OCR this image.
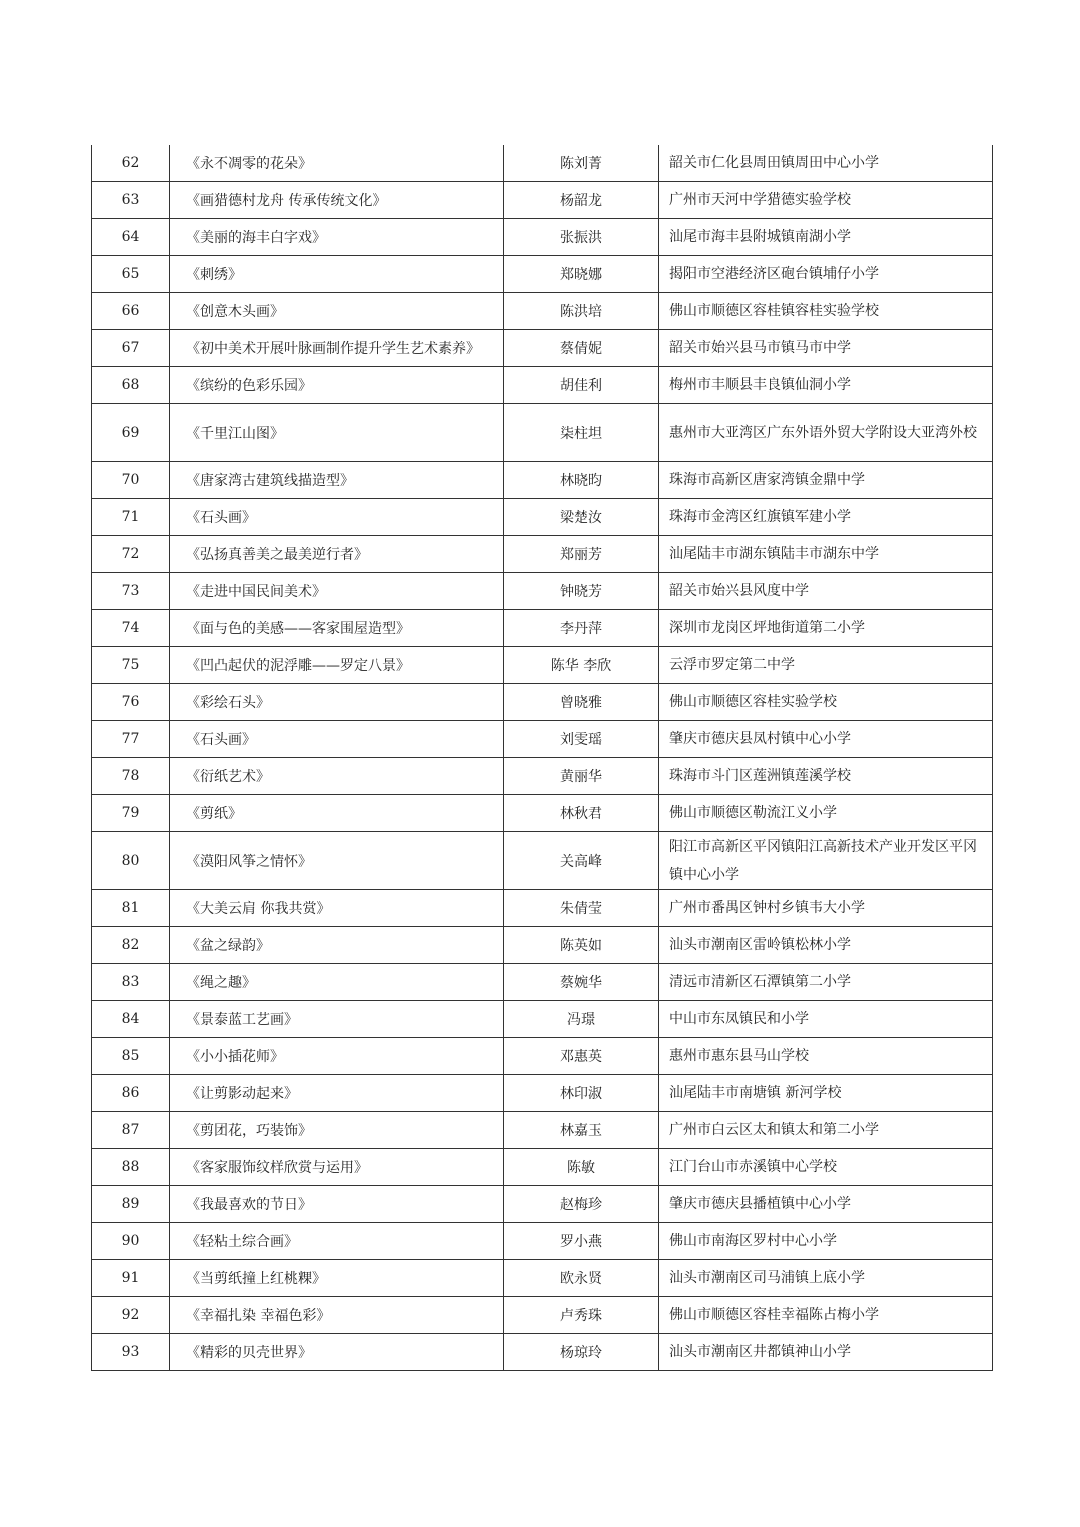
62	《永不凋零的花朵》	陈刘菁	韶关市仁化县周田镇周田中心小学
63	《画猎德村龙舟 传承传统文化》	杨韶龙	广州市天河中学猎德实验学校
64	《美丽的海丰白字戏》	张振洪	汕尾市海丰县附城镇南湖小学
65	《刺绣》	郑晓娜	揭阳市空港经济区砲台镇埔仔小学
66	《创意木头画》	陈洪培	佛山市顺德区容桂镇容桂实验学校
67	《初中美术开展叶脉画制作提升学生艺术素养》	蔡倩妮	韶关市始兴县马市镇马市中学
68	《缤纷的色彩乐园》	胡佳利	梅州市丰顺县丰良镇仙洞小学
69	《千里江山图》	柒柱坦	惠州市大亚湾区广东外语外贸大学附设大亚湾外校
70	《唐家湾古建筑线描造型》	林晓昀	珠海市高新区唐家湾镇金鼎中学
71	《石头画》	梁楚汝	珠海市金湾区红旗镇军建小学
72	《弘扬真善美之最美逆行者》	郑丽芳	汕尾陆丰市湖东镇陆丰市湖东中学
73	《走进中国民间美术》	钟晓芳	韶关市始兴县风度中学
74	《面与色的美感——客家围屋造型》	李丹萍	深圳市龙岗区坪地街道第二小学
75	《凹凸起伏的泥浮雕——罗定八景》	陈华 李欣	云浮市罗定第二中学
76	《彩绘石头》	曾晓雅	佛山市顺德区容桂实验学校
77	《石头画》	刘雯瑶	肇庆市德庆县凤村镇中心小学
78	《衍纸艺术》	黄丽华	珠海市斗门区莲洲镇莲溪学校
79	《剪纸》	林秋君	佛山市顺德区勒流江义小学
80	《漠阳风筝之情怀》	关高峰	阳江市高新区平冈镇阳江高新技术产业开发区平冈镇中心小学
81	《大美云肩 你我共赏》	朱倩莹	广州市番禺区钟村乡镇韦大小学
82	《盆之绿韵》	陈英如	汕头市潮南区雷岭镇松林小学
83	《绳之趣》	蔡婉华	清远市清新区石潭镇第二小学
84	《景泰蓝工艺画》	冯璟	中山市东凤镇民和小学
85	《小小插花师》	邓惠英	惠州市惠东县马山学校
86	《让剪影动起来》	林印淑	汕尾陆丰市南塘镇 新河学校
87	《剪团花，巧装饰》	林嘉玉	广州市白云区太和镇太和第二小学
88	《客家服饰纹样欣赏与运用》	陈敏	江门台山市赤溪镇中心学校
89	《我最喜欢的节日》	赵梅珍	肇庆市德庆县播植镇中心小学
90	《轻粘土综合画》	罗小燕	佛山市南海区罗村中心小学
91	《当剪纸撞上红桃粿》	欧永贤	汕头市潮南区司马浦镇上底小学
92	《幸福扎染 幸福色彩》	卢秀珠	佛山市顺德区容桂幸福陈占梅小学
93	《精彩的贝壳世界》	杨琼玲	汕头市潮南区井都镇神山小学
